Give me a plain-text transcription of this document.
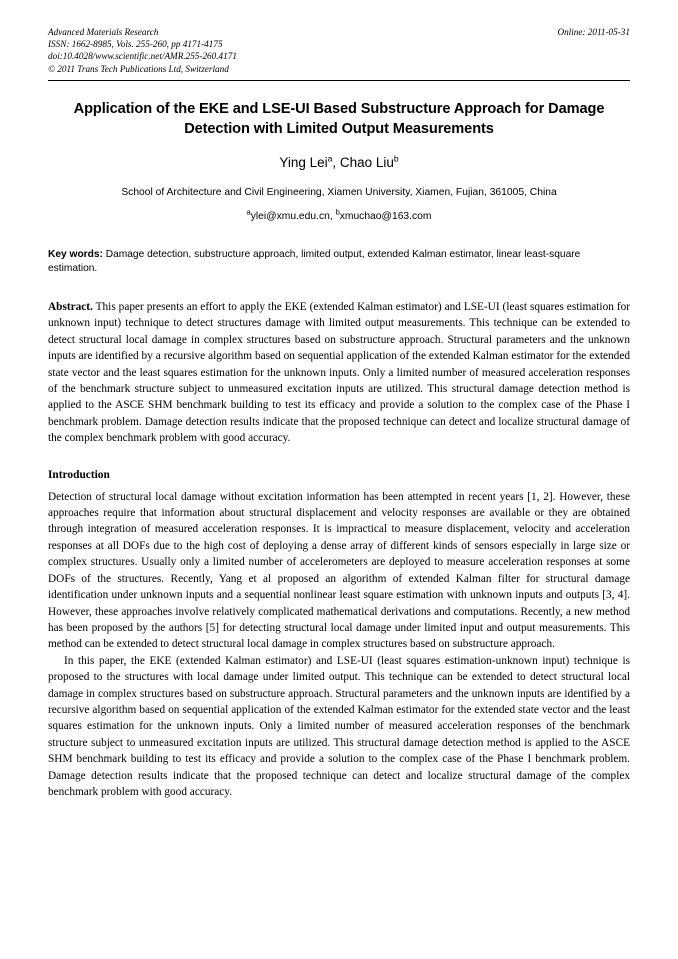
Advanced Materials Research	Online: 2011-05-31
ISSN: 1662-8985, Vols. 255-260, pp 4171-4175
doi:10.4028/www.scientific.net/AMR.255-260.4171
© 2011 Trans Tech Publications Ltd, Switzerland
Application of the EKE and LSE-UI Based Substructure Approach for Damage Detection with Limited Output Measurements
Ying Lei$^a$, Chao Liu$^b$
School of Architecture and Civil Engineering, Xiamen University, Xiamen, Fujian, 361005, China
$^a$ylei@xmu.edu.cn, $^b$xmuchao@163.com
Key words: Damage detection, substructure approach, limited output, extended Kalman estimator, linear least-square estimation.
Abstract. This paper presents an effort to apply the EKE (extended Kalman estimator) and LSE-UI (least squares estimation for unknown input) technique to detect structures damage with limited output measurements. This technique can be extended to detect structural local damage in complex structures based on substructure approach. Structural parameters and the unknown inputs are identified by a recursive algorithm based on sequential application of the extended Kalman estimator for the extended state vector and the least squares estimation for the unknown inputs. Only a limited number of measured acceleration responses of the benchmark structure subject to unmeasured excitation inputs are utilized. This structural damage detection method is applied to the ASCE SHM benchmark building to test its efficacy and provide a solution to the complex case of the Phase I benchmark problem. Damage detection results indicate that the proposed technique can detect and localize structural damage of the complex benchmark problem with good accuracy.
Introduction
Detection of structural local damage without excitation information has been attempted in recent years [1, 2]. However, these approaches require that information about structural displacement and velocity responses are available or they are obtained through integration of measured acceleration responses. It is impractical to measure displacement, velocity and acceleration responses at all DOFs due to the high cost of deploying a dense array of different kinds of sensors especially in large size or complex structures. Usually only a limited number of accelerometers are deployed to measure acceleration responses at some DOFs of the structures. Recently, Yang et al proposed an algorithm of extended Kalman filter for structural damage identification under unknown inputs and a sequential nonlinear least square estimation with unknown inputs and outputs [3, 4]. However, these approaches involve relatively complicated mathematical derivations and computations. Recently, a new method has been proposed by the authors [5] for detecting structural local damage under limited input and output measurements. This method can be extended to detect structural local damage in complex structures based on substructure approach.
In this paper, the EKE (extended Kalman estimator) and LSE-UI (least squares estimation-unknown input) technique is proposed to the structures with local damage under limited output. This technique can be extended to detect structural local damage in complex structures based on substructure approach. Structural parameters and the unknown inputs are identified by a recursive algorithm based on sequential application of the extended Kalman estimator for the extended state vector and the least squares estimation for the unknown inputs. Only a limited number of measured acceleration responses of the benchmark structure subject to unmeasured excitation inputs are utilized. This structural damage detection method is applied to the ASCE SHM benchmark building to test its efficacy and provide a solution to the complex case of the Phase I benchmark problem. Damage detection results indicate that the proposed technique can detect and localize structural damage of the complex benchmark problem with good accuracy.
